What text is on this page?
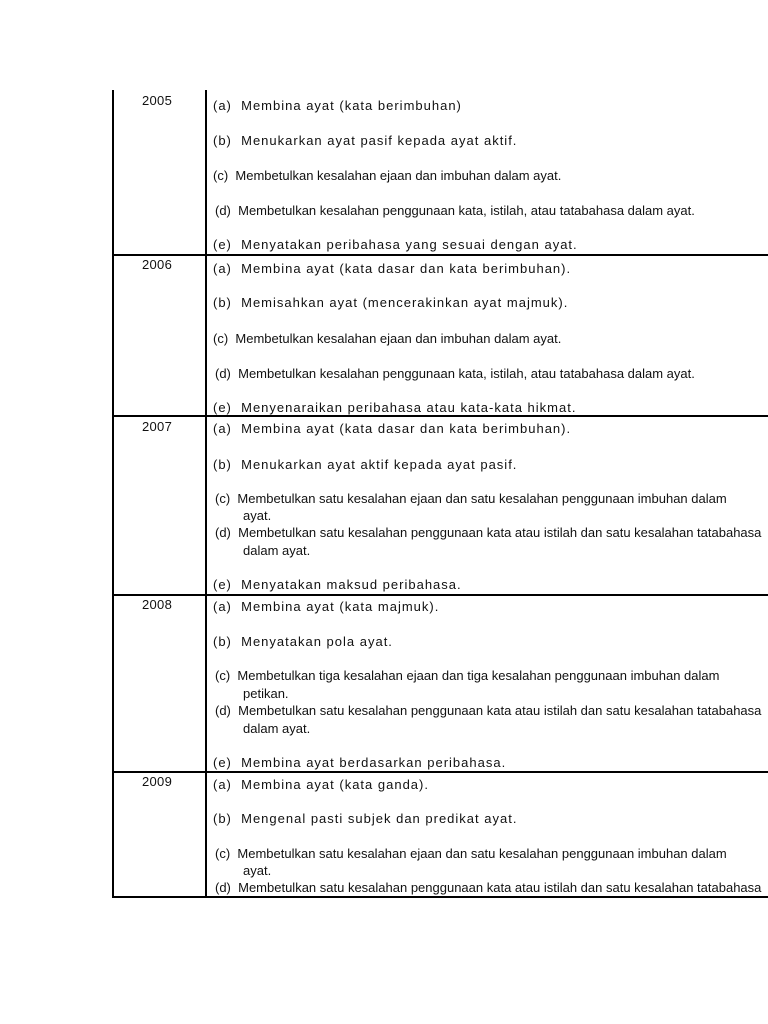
2005	(a)  Membina ayat (kata berimbuhan)
(b)  Menukarkan ayat pasif kepada ayat aktif.
(c)  Membetulkan kesalahan ejaan dan imbuhan dalam ayat.
(d)  Membetulkan kesalahan penggunaan kata, istilah, atau tatabahasa dalam ayat.
(e)  Menyatakan peribahasa yang sesuai dengan ayat.
2006	(a)  Membina ayat (kata dasar dan kata berimbuhan).
(b)  Memisahkan ayat (mencerakinkan ayat majmuk).
(c)  Membetulkan kesalahan ejaan dan imbuhan dalam ayat.
(d)  Membetulkan kesalahan penggunaan kata, istilah, atau tatabahasa dalam ayat.
(e)  Menyenaraikan peribahasa atau kata-kata hikmat.
2007	(a)  Membina ayat (kata dasar dan kata berimbuhan).
(b)  Menukarkan ayat aktif kepada ayat pasif.
(c)  Membetulkan satu kesalahan ejaan dan satu kesalahan penggunaan imbuhan dalam
ayat.
(d)  Membetulkan satu kesalahan penggunaan kata atau istilah dan satu kesalahan tatabahasa
dalam ayat.
(e)  Menyatakan maksud peribahasa.
2008	(a)  Membina ayat (kata majmuk).
(b)  Menyatakan pola ayat.
(c)  Membetulkan tiga kesalahan ejaan dan tiga kesalahan penggunaan imbuhan dalam
petikan.
(d)  Membetulkan satu kesalahan penggunaan kata atau istilah dan satu kesalahan tatabahasa
dalam ayat.
(e)  Membina ayat berdasarkan peribahasa.
2009	(a)  Membina ayat (kata ganda).
(b)  Mengenal pasti subjek dan predikat ayat.
(c)  Membetulkan satu kesalahan ejaan dan satu kesalahan penggunaan imbuhan dalam
ayat.
(d)  Membetulkan satu kesalahan penggunaan kata atau istilah dan satu kesalahan tatabahasa
